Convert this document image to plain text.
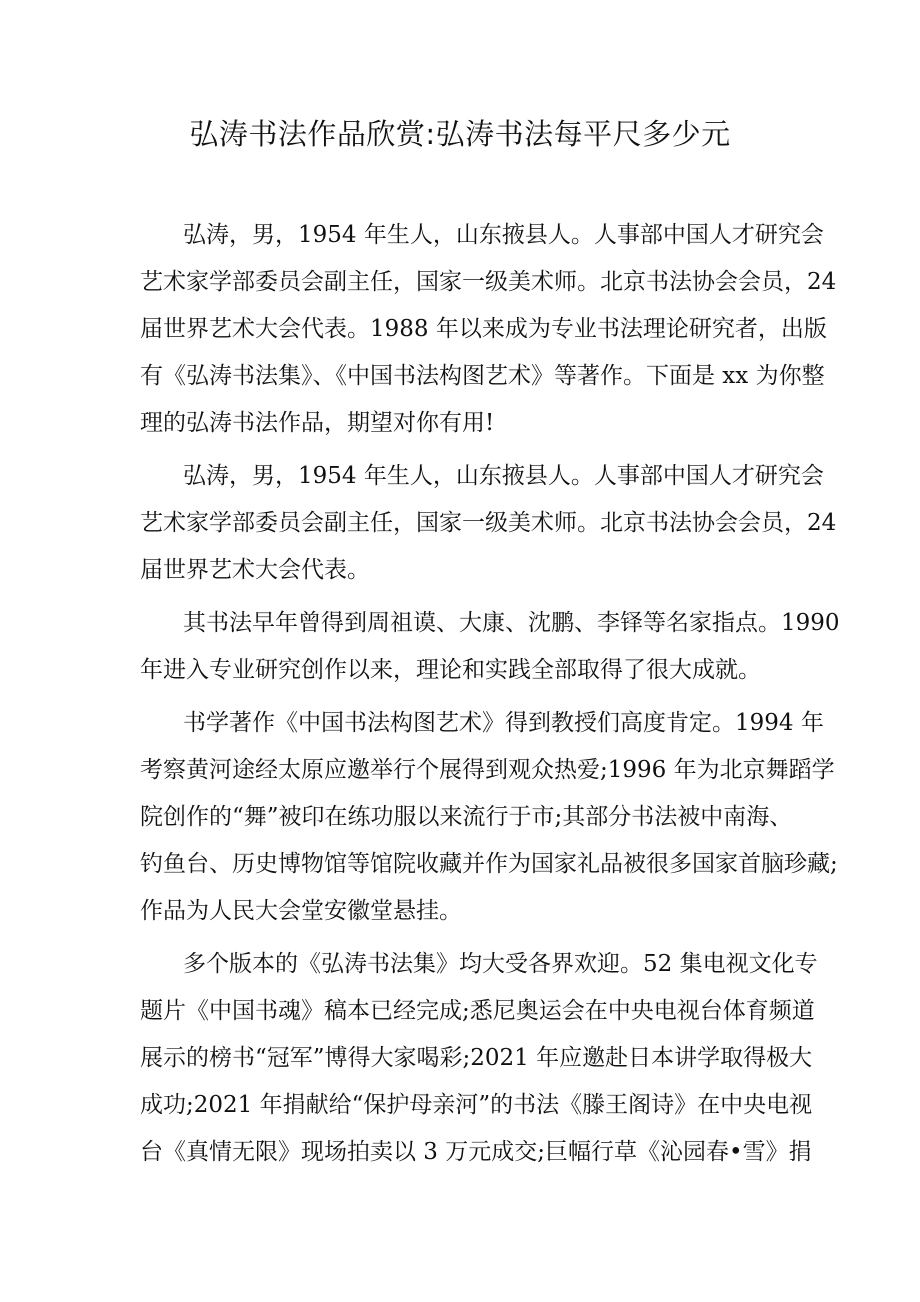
弘涛书法作品欣赏:弘涛书法每平尺多少元
弘涛，男，1954 年生人，山东掖县人。人事部中国人才研究会
艺术家学部委员会副主任，国家一级美术师。北京书法协会会员，24
届世界艺术大会代表。1988 年以来成为专业书法理论研究者，出版
有《弘涛书法集》、《中国书法构图艺术》等著作。下面是 xx 为你整
理的弘涛书法作品，期望对你有用!
弘涛，男，1954 年生人，山东掖县人。人事部中国人才研究会
艺术家学部委员会副主任，国家一级美术师。北京书法协会会员，24
届世界艺术大会代表。
其书法早年曾得到周祖谟、大康、沈鹏、李铎等名家指点。1990
年进入专业研究创作以来，理论和实践全部取得了很大成就。
书学著作《中国书法构图艺术》得到教授们高度肯定。1994 年
考察黄河途经太原应邀举行个展得到观众热爱;1996 年为北京舞蹈学
院创作的“舞”被印在练功服以来流行于市;其部分书法被中南海、
钓鱼台、历史博物馆等馆院收藏并作为国家礼品被很多国家首脑珍藏;
作品为人民大会堂安徽堂悬挂。
多个版本的《弘涛书法集》均大受各界欢迎。52 集电视文化专
题片《中国书魂》稿本已经完成;悉尼奥运会在中央电视台体育频道
展示的榜书“冠军”博得大家喝彩;2021 年应邀赴日本讲学取得极大
成功;2021 年捐献给“保护母亲河”的书法《滕王阁诗》在中央电视
台《真情无限》现场拍卖以 3 万元成交;巨幅行草《沁园春•雪》捐
